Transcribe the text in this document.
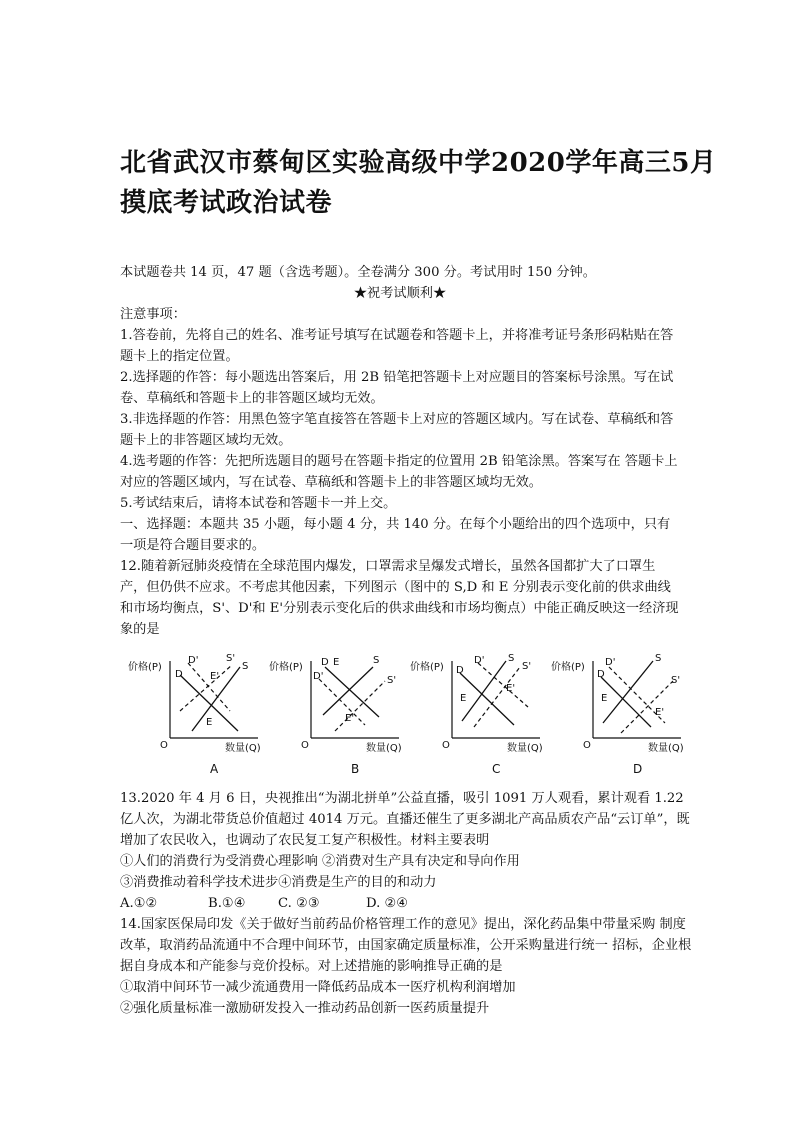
北省武汉市蔡甸区实验高级中学2020学年高三5月
摸底考试政治试卷

本试题卷共 14 页，47 题（含选考题）。全卷满分 300 分。考试用时 150 分钟。

★祝考试顺利★

注意事项：

1.答卷前，先将自己的姓名、准考证号填写在试题卷和答题卡上，并将准考证号条形码粘贴在答题卡上的指定位置。

2.选择题的作答：每小题选出答案后，用 2B 铅笔把答题卡上对应题目的答案标号涂黑。写在试卷、草稿纸和答题卡上的非答题区域均无效。

3.非选择题的作答：用黑色签字笔直接答在答题卡上对应的答题区域内。写在试卷、草稿纸和答题卡上的非答题区域均无效。

4.选考题的作答：先把所选题目的题号在答题卡指定的位置用 2B 铅笔涂黑。答案写在 答题卡上对应的答题区域内，写在试卷、草稿纸和答题卡上的非答题区域均无效。

5.考试结束后，请将本试卷和答题卡一并上交。

一、选择题：本题共 35 小题，每小题 4 分，共 140 分。在每个小题给出的四个选项中，只有一项是符合题目要求的。

12.随着新冠肺炎疫情在全球范围内爆发，口罩需求呈爆发式增长，虽然各国都扩大了口罩生产，但仍供不应求。不考虑其他因素，下列图示（图中的 S,D 和 E 分别表示变化前的供求曲线和市场均衡点，S'、D'和 E'分别表示变化后的供求曲线和市场均衡点）中能正确反映这一经济现象的是

价格(P)
O	数量(Q)
D
S
D'	S'
E'
E
A
价格(P)
O	数量(Q)
D	S
D'	S'
E
E'
B
价格(P)
O	数量(Q)
D
S
D'
S'
E
E'
C
价格(P)
O	数量(Q)
D
S
D'
S'
E
E'
D

13.2020 年 4 月 6 日，央视推出“为湖北拼单”公益直播，吸引 1091 万人观看，累计观看 1.22 亿人次，为湖北带货总价值超过 4014 万元。直播还催生了更多湖北产高品质农产品“云订单”，既增加了农民收入，也调动了农民复工复产积极性。材料主要表明

①人们的消费行为受消费心理影响 ②消费对生产具有决定和导向作用

③消费推动着科学技术进步④消费是生产的目的和动力

A.①②	B.①④ C. ②③	D. ②④

14.国家医保局印发《关于做好当前药品价格管理工作的意见》提出，深化药品集中带量采购 制度改革，取消药品流通中不合理中间环节，由国家确定质量标准，公开采购量进行统一 招标，企业根据自身成本和产能参与竞价投标。对上述措施的影响推导正确的是

①取消中间环节一减少流通费用一降低药品成本一医疗机构利润增加

②强化质量标准一激励研发投入一推动药品创新一医药质量提升
